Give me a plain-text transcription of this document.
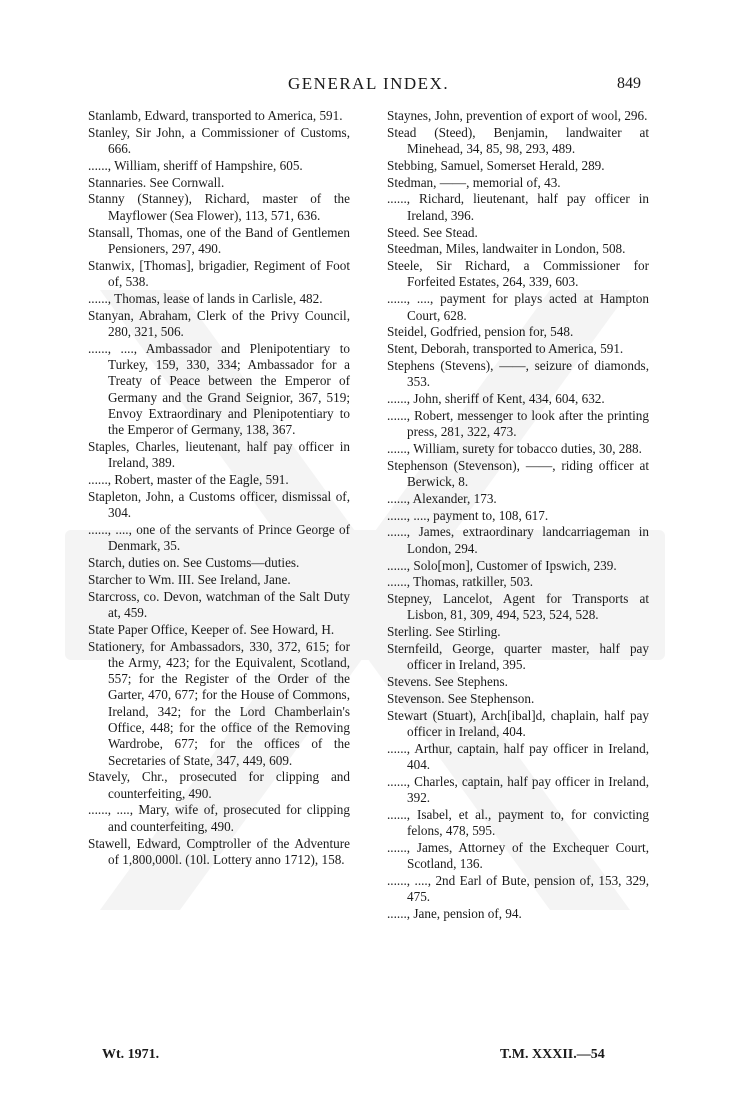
GENERAL INDEX.	849

Stanlamb, Edward, transported to America, 591.

Stanley, Sir John, a Commissioner of Customs, 666.

......, William, sheriff of Hampshire, 605.

Stannaries. See Cornwall.

Stanny (Stanney), Richard, master of the Mayflower (Sea Flower), 113, 571, 636.

Stansall, Thomas, one of the Band of Gentlemen Pensioners, 297, 490.

Stanwix, [Thomas], brigadier, Regiment of Foot of, 538.

......, Thomas, lease of lands in Carlisle, 482.

Stanyan, Abraham, Clerk of the Privy Council, 280, 321, 506.

......, ...., Ambassador and Plenipotentiary to Turkey, 159, 330, 334; Ambassador for a Treaty of Peace between the Emperor of Germany and the Grand Seignior, 367, 519; Envoy Extraordinary and Plenipotentiary to the Emperor of Germany, 138, 367.

Staples, Charles, lieutenant, half pay officer in Ireland, 389.

......, Robert, master of the Eagle, 591.

Stapleton, John, a Customs officer, dismissal of, 304.

......, ...., one of the servants of Prince George of Denmark, 35.

Starch, duties on. See Customs—duties.

Starcher to Wm. III. See Ireland, Jane.

Starcross, co. Devon, watchman of the Salt Duty at, 459.

State Paper Office, Keeper of. See Howard, H.

Stationery, for Ambassadors, 330, 372, 615; for the Army, 423; for the Equivalent, Scotland, 557; for the Register of the Order of the Garter, 470, 677; for the House of Commons, Ireland, 342; for the Lord Chamberlain's Office, 448; for the office of the Removing Wardrobe, 677; for the offices of the Secretaries of State, 347, 449, 609.

Stavely, Chr., prosecuted for clipping and counterfeiting, 490.

......, ...., Mary, wife of, prosecuted for clipping and counterfeiting, 490.

Stawell, Edward, Comptroller of the Adventure of 1,800,000l. (10l. Lottery anno 1712), 158.

Staynes, John, prevention of export of wool, 296.

Stead (Steed), Benjamin, landwaiter at Minehead, 34, 85, 98, 293, 489.

Stebbing, Samuel, Somerset Herald, 289.

Stedman, ——, memorial of, 43.

......, Richard, lieutenant, half pay officer in Ireland, 396.

Steed. See Stead.

Steedman, Miles, landwaiter in London, 508.

Steele, Sir Richard, a Commissioner for Forfeited Estates, 264, 339, 603.

......, ...., payment for plays acted at Hampton Court, 628.

Steidel, Godfried, pension for, 548.

Stent, Deborah, transported to America, 591.

Stephens (Stevens), ——, seizure of diamonds, 353.

......, John, sheriff of Kent, 434, 604, 632.

......, Robert, messenger to look after the printing press, 281, 322, 473.

......, William, surety for tobacco duties, 30, 288.

Stephenson (Stevenson), ——, riding officer at Berwick, 8.

......, Alexander, 173.

......, ...., payment to, 108, 617.

......, James, extraordinary landcarriageman in London, 294.

......, Solo[mon], Customer of Ipswich, 239.

......, Thomas, ratkiller, 503.

Stepney, Lancelot, Agent for Transports at Lisbon, 81, 309, 494, 523, 524, 528.

Sterling. See Stirling.

Sternfeild, George, quarter master, half pay officer in Ireland, 395.

Stevens. See Stephens.

Stevenson. See Stephenson.

Stewart (Stuart), Arch[ibal]d, chaplain, half pay officer in Ireland, 404.

......, Arthur, captain, half pay officer in Ireland, 404.

......, Charles, captain, half pay officer in Ireland, 392.

......, Isabel, et al., payment to, for convicting felons, 478, 595.

......, James, Attorney of the Exchequer Court, Scotland, 136.

......, ...., 2nd Earl of Bute, pension of, 153, 329, 475.

......, Jane, pension of, 94.

Wt. 1971.	T.M. XXXII.—54
